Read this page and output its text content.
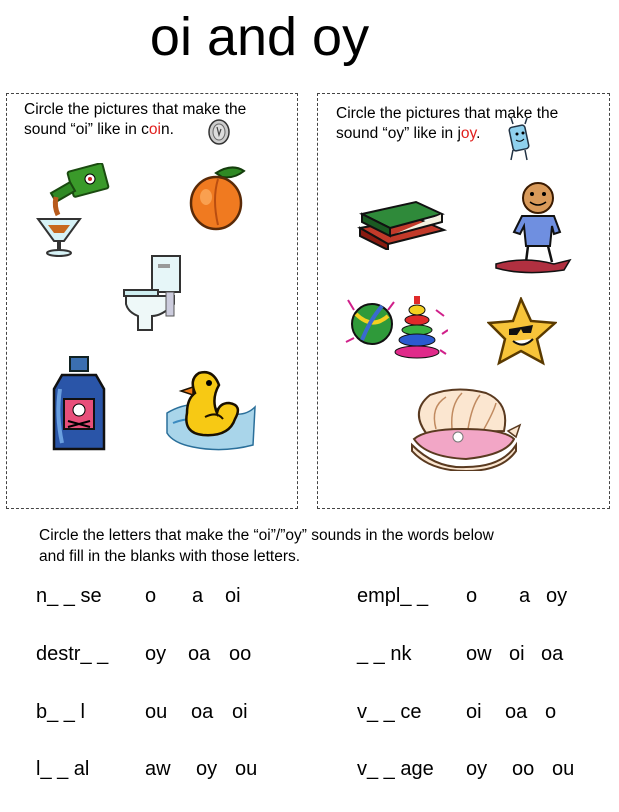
oi and oy
Circle the pictures that make the
sound “oi” like in coin.
Circle the pictures that make the
sound “oy” like in joy.
Circle the letters that make the “oi”/”oy” sounds in the words below
and fill in the blanks with those letters.
n_ _ se o a oi	empl_ _ o a oy
destr_ _ oy oa oo	_ _ nk	ow oi oa
b_ _ l	ou oa oi	v_ _ ce oi oa o
l_ _ al	aw oy ou	v_ _ age oy oo ou
